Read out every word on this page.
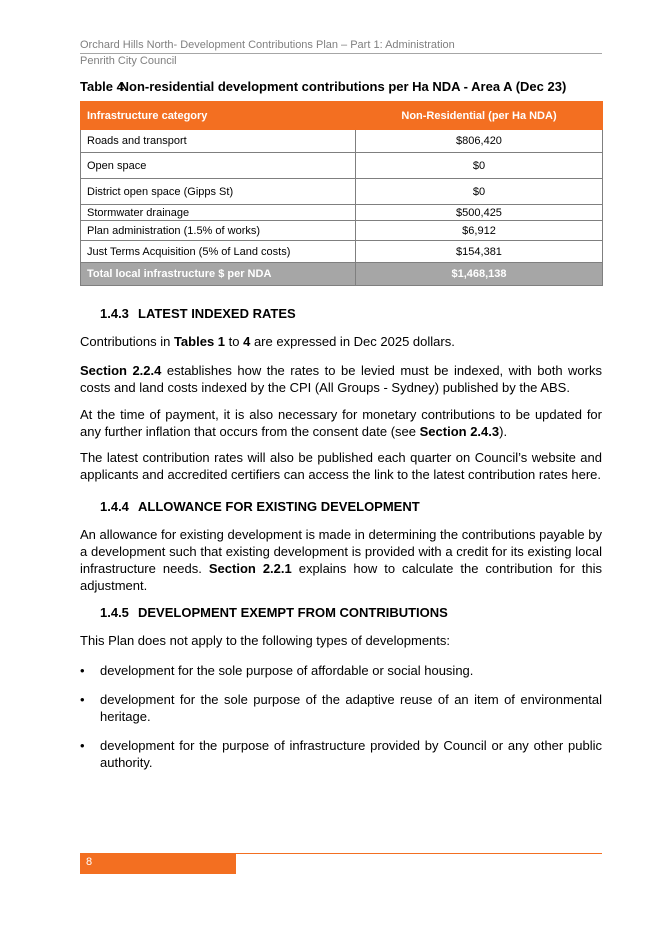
Orchard Hills North- Development Contributions Plan – Part 1: Administration
Penrith City Council
Table 4 Non-residential development contributions per Ha NDA - Area A (Dec 23)
Infrastructure category	Non-Residential (per Ha NDA)
Roads and transport	$806,420
Open space	$0
District open space (Gipps St)	$0
Stormwater drainage	$500,425
Plan administration (1.5% of works)	$6,912
Just Terms Acquisition (5% of Land costs)	$154,381
Total local infrastructure $ per NDA	$1,468,138
1.4.3 LATEST INDEXED RATES

Contributions in Tables 1 to 4 are expressed in Dec 2025 dollars.

Section 2.2.4 establishes how the rates to be levied must be indexed, with both works costs and land costs indexed by the CPI (All Groups - Sydney) published by the ABS.

At the time of payment, it is also necessary for monetary contributions to be updated for any further inflation that occurs from the consent date (see Section 2.4.3).

The latest contribution rates will also be published each quarter on Council’s website and applicants and accredited certifiers can access the link to the latest contribution rates here.

1.4.4 ALLOWANCE FOR EXISTING DEVELOPMENT

An allowance for existing development is made in determining the contributions payable by a development such that existing development is provided with a credit for its existing local infrastructure needs. Section 2.2.1 explains how to calculate the contribution for this adjustment.

1.4.5 DEVELOPMENT EXEMPT FROM CONTRIBUTIONS

This Plan does not apply to the following types of developments:

•	development for the sole purpose of affordable or social housing.
•	development for the sole purpose of the adaptive reuse of an item of environmental heritage.
•	development for the purpose of infrastructure provided by Council or any other public authority.
8
